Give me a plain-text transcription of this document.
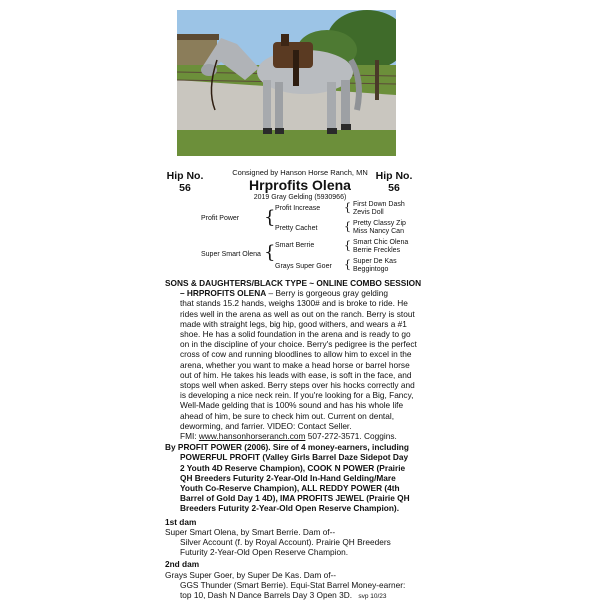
Hip No.
56
Hip No.
56
Consigned by Hanson Horse Ranch, MN
Hrprofits Olena
2019 Gray Gelding (5930966)
Profit Power
Super Smart Olena
{
{
Profit Increase
Pretty Cachet
Smart Berrie
Grays Super Goer
{
{
{
{
First Down Dash
Zevis Doll
Pretty Classy Zip
Miss Nancy Can
Smart Chic Olena
Berrie Freckles
Super De Kas
Beggintogo
SONS & DAUGHTERS/BLACK TYPE ~ ONLINE COMBO SESSION – HRPROFITS OLENA – Berry is gorgeous gray gelding
that stands 15.2 hands, weighs 1300# and is broke to ride. He
rides well in the arena as well as out on the ranch. Berry is stout
made with straight legs, big hip, good withers, and wears a #1
shoe. He has a solid foundation in the arena and is ready to go
on in the discipline of your choice. Berry's pedigree is the perfect
cross of cow and running bloodlines to allow him to excel in the
arena, whether you want to make a head horse or barrel horse
out of him. He takes his leads with ease, is soft in the face, and
stops well when asked. Berry steps over his hocks correctly and
is developing a nice neck rein. If you're looking for a Big, Fancy,
Well-Made gelding that is 100% sound and has his whole life
ahead of him, be sure to check him out. Current on dental,
deworming, and farrier. VIDEO: Contact Seller.
FMI: www.hansonhorseranch.com 507-272-3571. Coggins.
By PROFIT POWER (2006). Sire of 4 money-earners, including
POWERFUL PROFIT (Valley Girls Barrel Daze Sidepot Day
2 Youth 4D Reserve Champion), COOK N POWER (Prairie
QH Breeders Futurity 2-Year-Old In-Hand Gelding/Mare
Youth Co-Reserve Champion), ALL REDDY POWER (4th
Barrel of Gold Day 1 4D), IMA PROFITS JEWEL (Prairie QH
Breeders Futurity 2-Year-Old Open Reserve Champion).
1st dam
Super Smart Olena, by Smart Berrie. Dam of--
Silver Account (f. by Royal Account). Prairie QH Breeders
Futurity 2-Year-Old Open Reserve Champion.
2nd dam
Grays Super Goer, by Super De Kas. Dam of--
GGS Thunder (Smart Berrie). Equi-Stat Barrel Money-earner:
top 10, Dash N Dance Barrels Day 3 Open 3D. svp 10/23
